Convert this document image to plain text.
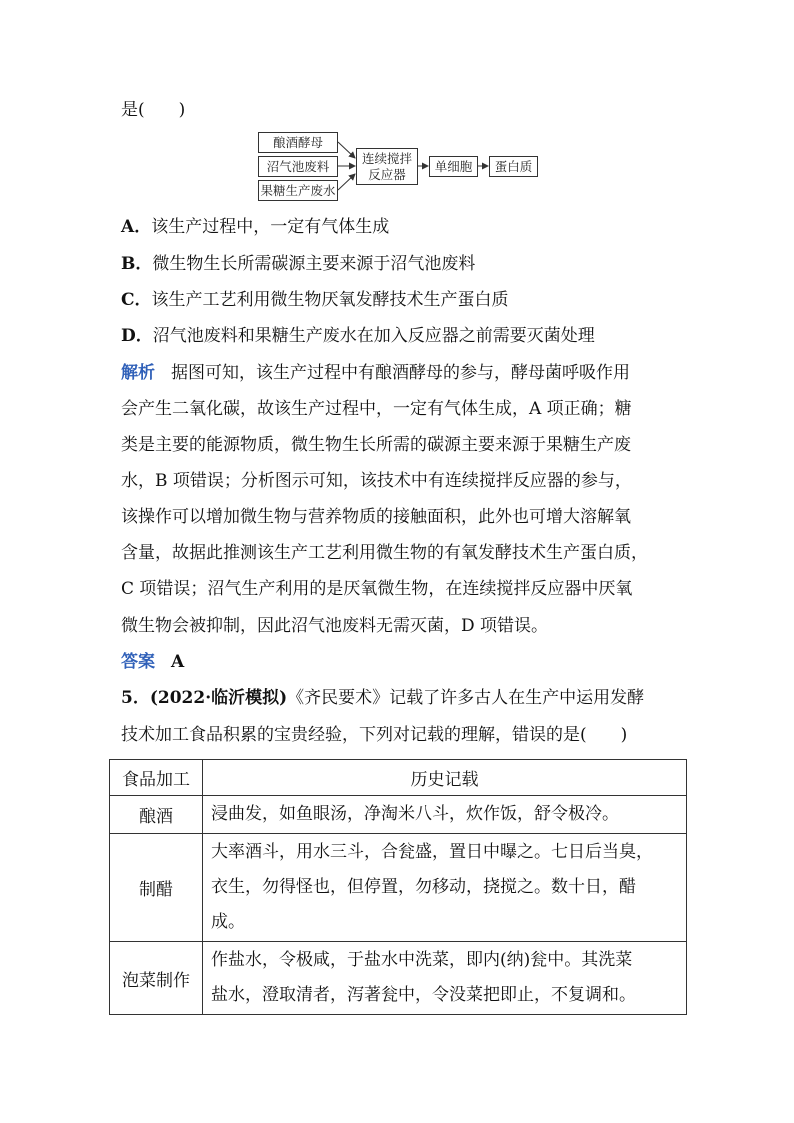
是(　　)
酿酒酵母
沼气池废料
果糖生产废水
连续搅拌
反应器
单细胞	蛋白质
A．该生产过程中，一定有气体生成
B．微生物生长所需碳源主要来源于沼气池废料
C．该生产工艺利用微生物厌氧发酵技术生产蛋白质
D．沼气池废料和果糖生产废水在加入反应器之前需要灭菌处理
解析 据图可知，该生产过程中有酿酒酵母的参与，酵母菌呼吸作用
会产生二氧化碳，故该生产过程中，一定有气体生成，A 项正确；糖
类是主要的能源物质，微生物生长所需的碳源主要来源于果糖生产废
水，B 项错误；分析图示可知，该技术中有连续搅拌反应器的参与，
该操作可以增加微生物与营养物质的接触面积，此外也可增大溶解氧
含量，故据此推测该生产工艺利用微生物的有氧发酵技术生产蛋白质，
C 项错误；沼气生产利用的是厌氧微生物，在连续搅拌反应器中厌氧
微生物会被抑制，因此沼气池废料无需灭菌，D 项错误。
答案 A
5．(2022·临沂模拟)《齐民要术》记载了许多古人在生产中运用发酵
技术加工食品积累的宝贵经验，下列对记载的理解，错误的是(　　)
食品加工	历史记载
酿酒	浸曲发，如鱼眼汤，净淘米八斗，炊作饭，舒令极冷。

制醋	大率酒斗，用水三斗，合瓮盛，置日中曝之。七日后当臭，
衣生，勿得怪也，但停置，勿移动，挠搅之。数十日，醋
成。

泡菜制作	作盐水，令极咸，于盐水中洗菜，即内(纳)瓮中。其洗菜
盐水，澄取清者，泻著瓮中，令没菜把即止，不复调和。
